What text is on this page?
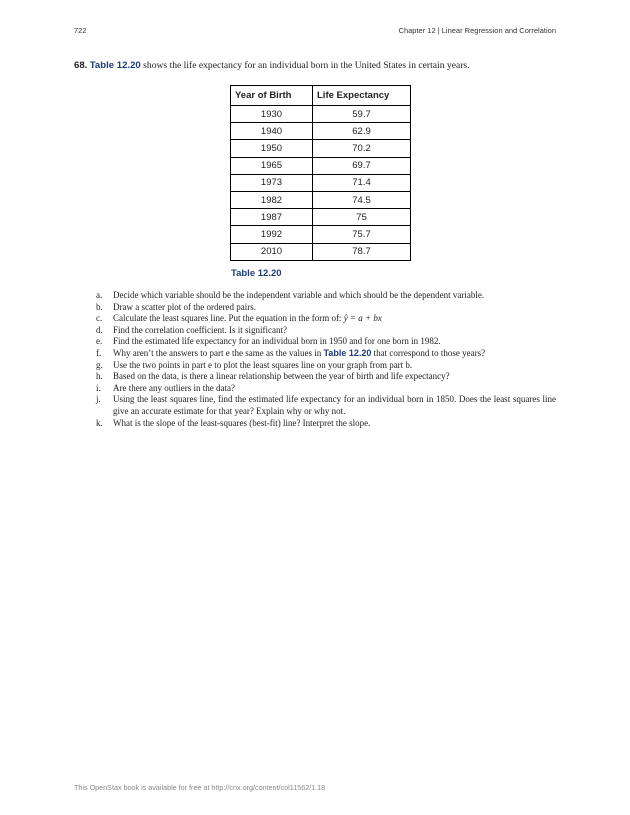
722	Chapter 12 | Linear Regression and Correlation
68. Table 12.20 shows the life expectancy for an individual born in the United States in certain years.
Year of Birth	Life Expectancy
1930	59.7
1940	62.9
1950	70.2
1965	69.7
1973	71.4
1982	74.5
1987	75
1992	75.7
2010	78.7
Table 12.20
a. Decide which variable should be the independent variable and which should be the dependent variable.
b. Draw a scatter plot of the ordered pairs.
c. Calculate the least squares line. Put the equation in the form of: ŷ = a + bx
d. Find the correlation coefficient. Is it significant?
e. Find the estimated life expectancy for an individual born in 1950 and for one born in 1982.
f. Why aren’t the answers to part e the same as the values in Table 12.20 that correspond to those years?
g. Use the two points in part e to plot the least squares line on your graph from part b.
h. Based on the data, is there a linear relationship between the year of birth and life expectancy?
i. Are there any outliers in the data?
j. Using the least squares line, find the estimated life expectancy for an individual born in 1850. Does the least squares line give an accurate estimate for that year? Explain why or why not.
k. What is the slope of the least-squares (best-fit) line? Interpret the slope.
This OpenStax book is available for free at http://cnx.org/content/col11562/1.18
